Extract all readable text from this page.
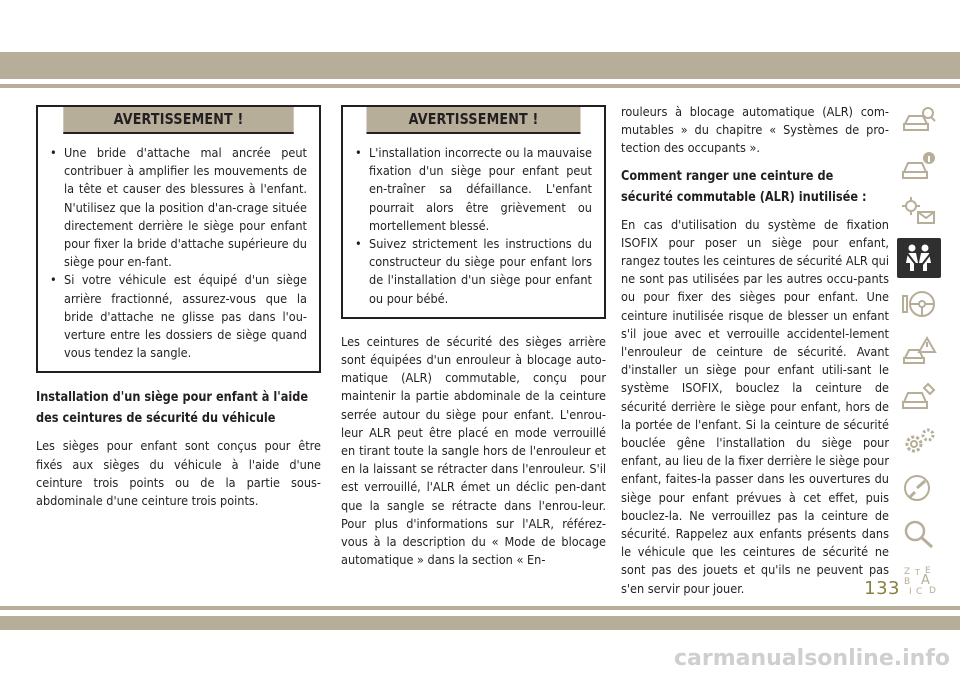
AVERTISSEMENT !
• Une bride d'attache mal ancrée peut contribuer à amplifier les mouvements de la tête et causer des blessures à l'enfant. N'utilisez que la position d'an-crage située directement derrière le siège pour enfant pour fixer la bride d'attache supérieure du siège pour en-fant.
• Si votre véhicule est équipé d'un siège arrière fractionné, assurez-vous que la bride d'attache ne glisse pas dans l'ou-verture entre les dossiers de siège quand vous tendez la sangle.
Installation d'un siège pour enfant à l'aide des ceintures de sécurité du véhicule

Les sièges pour enfant sont conçus pour être fixés aux sièges du véhicule à l'aide d'une ceinture trois points ou de la partie sous-abdominale d'une ceinture trois points.

AVERTISSEMENT !
• L'installation incorrecte ou la mauvaise fixation d'un siège pour enfant peut en-traîner sa défaillance. L'enfant pourrait alors être grièvement ou mortellement blessé.
• Suivez strictement les instructions du constructeur du siège pour enfant lors de l'installation d'un siège pour enfant ou pour bébé.

Les ceintures de sécurité des sièges arrière sont équipées d'un enrouleur à blocage auto-matique (ALR) commutable, conçu pour maintenir la partie abdominale de la ceinture serrée autour du siège pour enfant. L'enrou-leur ALR peut être placé en mode verrouillé en tirant toute la sangle hors de l'enrouleur et en la laissant se rétracter dans l'enrouleur. S'il est verrouillé, l'ALR émet un déclic pen-dant que la sangle se rétracte dans l'enrou-leur. Pour plus d'informations sur l'ALR, référez-vous à la description du « Mode de blocage automatique » dans la section « En-

rouleurs à blocage automatique (ALR) com-mutables » du chapitre « Systèmes de pro-tection des occupants ».

Comment ranger une ceinture de sécurité commutable (ALR) inutilisée :

En cas d'utilisation du système de fixation ISOFIX pour poser un siège pour enfant, rangez toutes les ceintures de sécurité ALR qui ne sont pas utilisées par les autres occu-pants ou pour fixer des sièges pour enfant. Une ceinture inutilisée risque de blesser un enfant s'il joue avec et verrouille accidentel-lement l'enrouleur de ceinture de sécurité. Avant d'installer un siège pour enfant utili-sant le système ISOFIX, bouclez la ceinture de sécurité derrière le siège pour enfant, hors de la portée de l'enfant. Si la ceinture de sécurité bouclée gêne l'installation du siège pour enfant, au lieu de la fixer derrière le siège pour enfant, faites-la passer dans les ouvertures du siège pour enfant prévues à cet effet, puis bouclez-la. Ne verrouillez pas la ceinture de sécurité. Rappelez aux enfants présents dans le véhicule que les ceintures de sécurité ne sont pas des jouets et qu'ils ne peuvent pas s'en servir pour jouer.

Z E
B A
I C D
T
133
carmanualsonline.info
